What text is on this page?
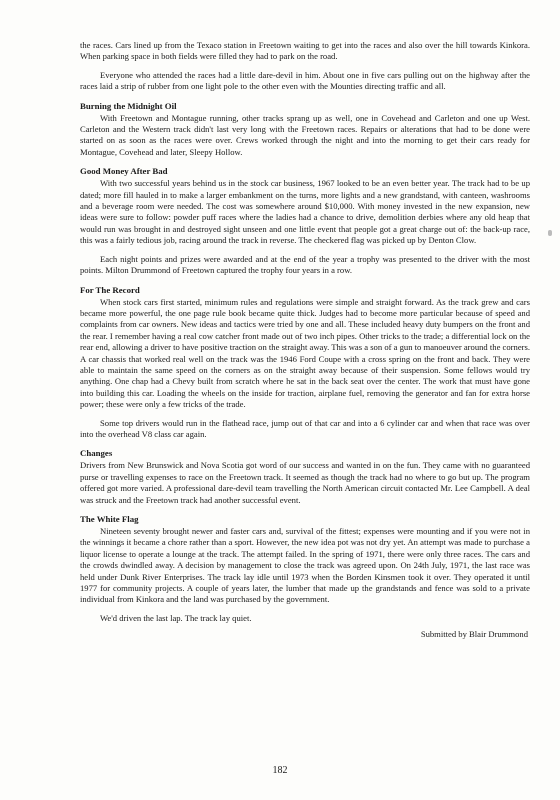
the races. Cars lined up from the Texaco station in Freetown waiting to get into the races and also over the hill towards Kinkora. When parking space in both fields were filled they had to park on the road.

Everyone who attended the races had a little dare-devil in him. About one in five cars pulling out on the highway after the races laid a strip of rubber from one light pole to the other even with the Mounties directing traffic and all.

Burning the Midnight Oil

With Freetown and Montague running, other tracks sprang up as well, one in Covehead and Carleton and one up West. Carleton and the Western track didn't last very long with the Freetown races. Repairs or alterations that had to be done were started on as soon as the races were over. Crews worked through the night and into the morning to get their cars ready for Montague, Covehead and later, Sleepy Hollow.

Good Money After Bad

With two successful years behind us in the stock car business, 1967 looked to be an even better year. The track had to be up dated; more fill hauled in to make a larger embankment on the turns, more lights and a new grandstand, with canteen, washrooms and a beverage room were needed. The cost was somewhere around $10,000. With money invested in the new expansion, new ideas were sure to follow: powder puff races where the ladies had a chance to drive, demolition derbies where any old heap that would run was brought in and destroyed sight unseen and one little event that people got a great charge out of: the back-up race, this was a fairly tedious job, racing around the track in reverse. The checkered flag was picked up by Denton Clow.

Each night points and prizes were awarded and at the end of the year a trophy was presented to the driver with the most points. Milton Drummond of Freetown captured the trophy four years in a row.

For The Record

When stock cars first started, minimum rules and regulations were simple and straight forward. As the track grew and cars became more powerful, the one page rule book became quite thick. Judges had to become more particular because of speed and complaints from car owners. New ideas and tactics were tried by one and all. These included heavy duty bumpers on the front and the rear. I remember having a real cow catcher front made out of two inch pipes. Other tricks to the trade; a differential lock on the rear end, allowing a driver to have positive traction on the straight away. This was a son of a gun to manoeuver around the corners. A car chassis that worked real well on the track was the 1946 Ford Coupe with a cross spring on the front and back. They were able to maintain the same speed on the corners as on the straight away because of their suspension. Some fellows would try anything. One chap had a Chevy built from scratch where he sat in the back seat over the center. The work that must have gone into building this car. Loading the wheels on the inside for traction, airplane fuel, removing the generator and fan for extra horse power; these were only a few tricks of the trade.

Some top drivers would run in the flathead race, jump out of that car and into a 6 cylinder car and when that race was over into the overhead V8 class car again.

Changes

Drivers from New Brunswick and Nova Scotia got word of our success and wanted in on the fun. They came with no guaranteed purse or travelling expenses to race on the Freetown track. It seemed as though the track had no where to go but up. The program offered got more varied. A professional dare-devil team travelling the North American circuit contacted Mr. Lee Campbell. A deal was struck and the Freetown track had another successful event.

The White Flag

Nineteen seventy brought newer and faster cars and, survival of the fittest; expenses were mounting and if you were not in the winnings it became a chore rather than a sport. However, the new idea pot was not dry yet. An attempt was made to purchase a liquor license to operate a lounge at the track. The attempt failed. In the spring of 1971, there were only three races. The cars and the crowds dwindled away. A decision by management to close the track was agreed upon. On 24th July, 1971, the last race was held under Dunk River Enterprises. The track lay idle until 1973 when the Borden Kinsmen took it over. They operated it until 1977 for community projects. A couple of years later, the lumber that made up the grandstands and fence was sold to a private individual from Kinkora and the land was purchased by the government.

We'd driven the last lap. The track lay quiet.

Submitted by Blair Drummond

182
